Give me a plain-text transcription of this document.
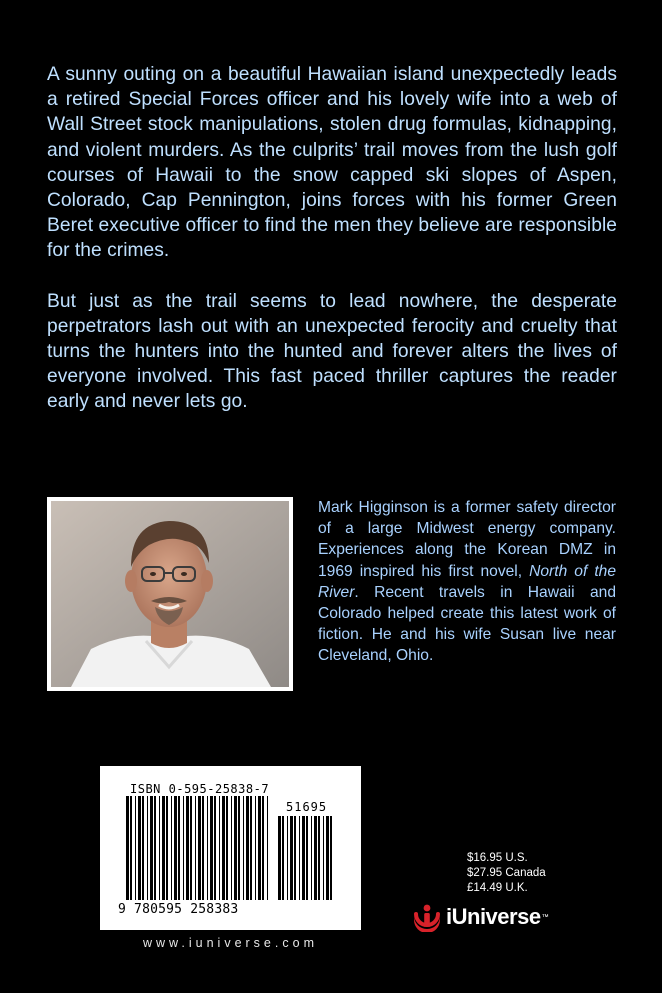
A sunny outing on a beautiful Hawaiian island unexpectedly leads a retired Special Forces officer and his lovely wife into a web of Wall Street stock manipulations, stolen drug formulas, kidnapping, and violent murders. As the culprits’ trail moves from the lush golf courses of Hawaii to the snow capped ski slopes of Aspen, Colorado, Cap Pennington, joins forces with his former Green Beret executive officer to find the men they believe are responsible for the crimes.

But just as the trail seems to lead nowhere, the desperate perpetrators lash out with an unexpected ferocity and cruelty that turns the hunters into the hunted and forever alters the lives of everyone involved. This fast paced thriller captures the reader early and never lets go.

Mark Higginson is a former safety director of a large Midwest energy company. Experiences along the Korean DMZ in 1969 inspired his first novel, North of the River. Recent travels in Hawaii and Colorado helped create this latest work of fiction. He and his wife Susan live near Cleveland, Ohio.
ISBN 0-595-25838-7
51695
9 780595 258383
www.iuniverse.com
$16.95 U.S.
$27.95 Canada
£14.49 U.K.
iUniverse ™
